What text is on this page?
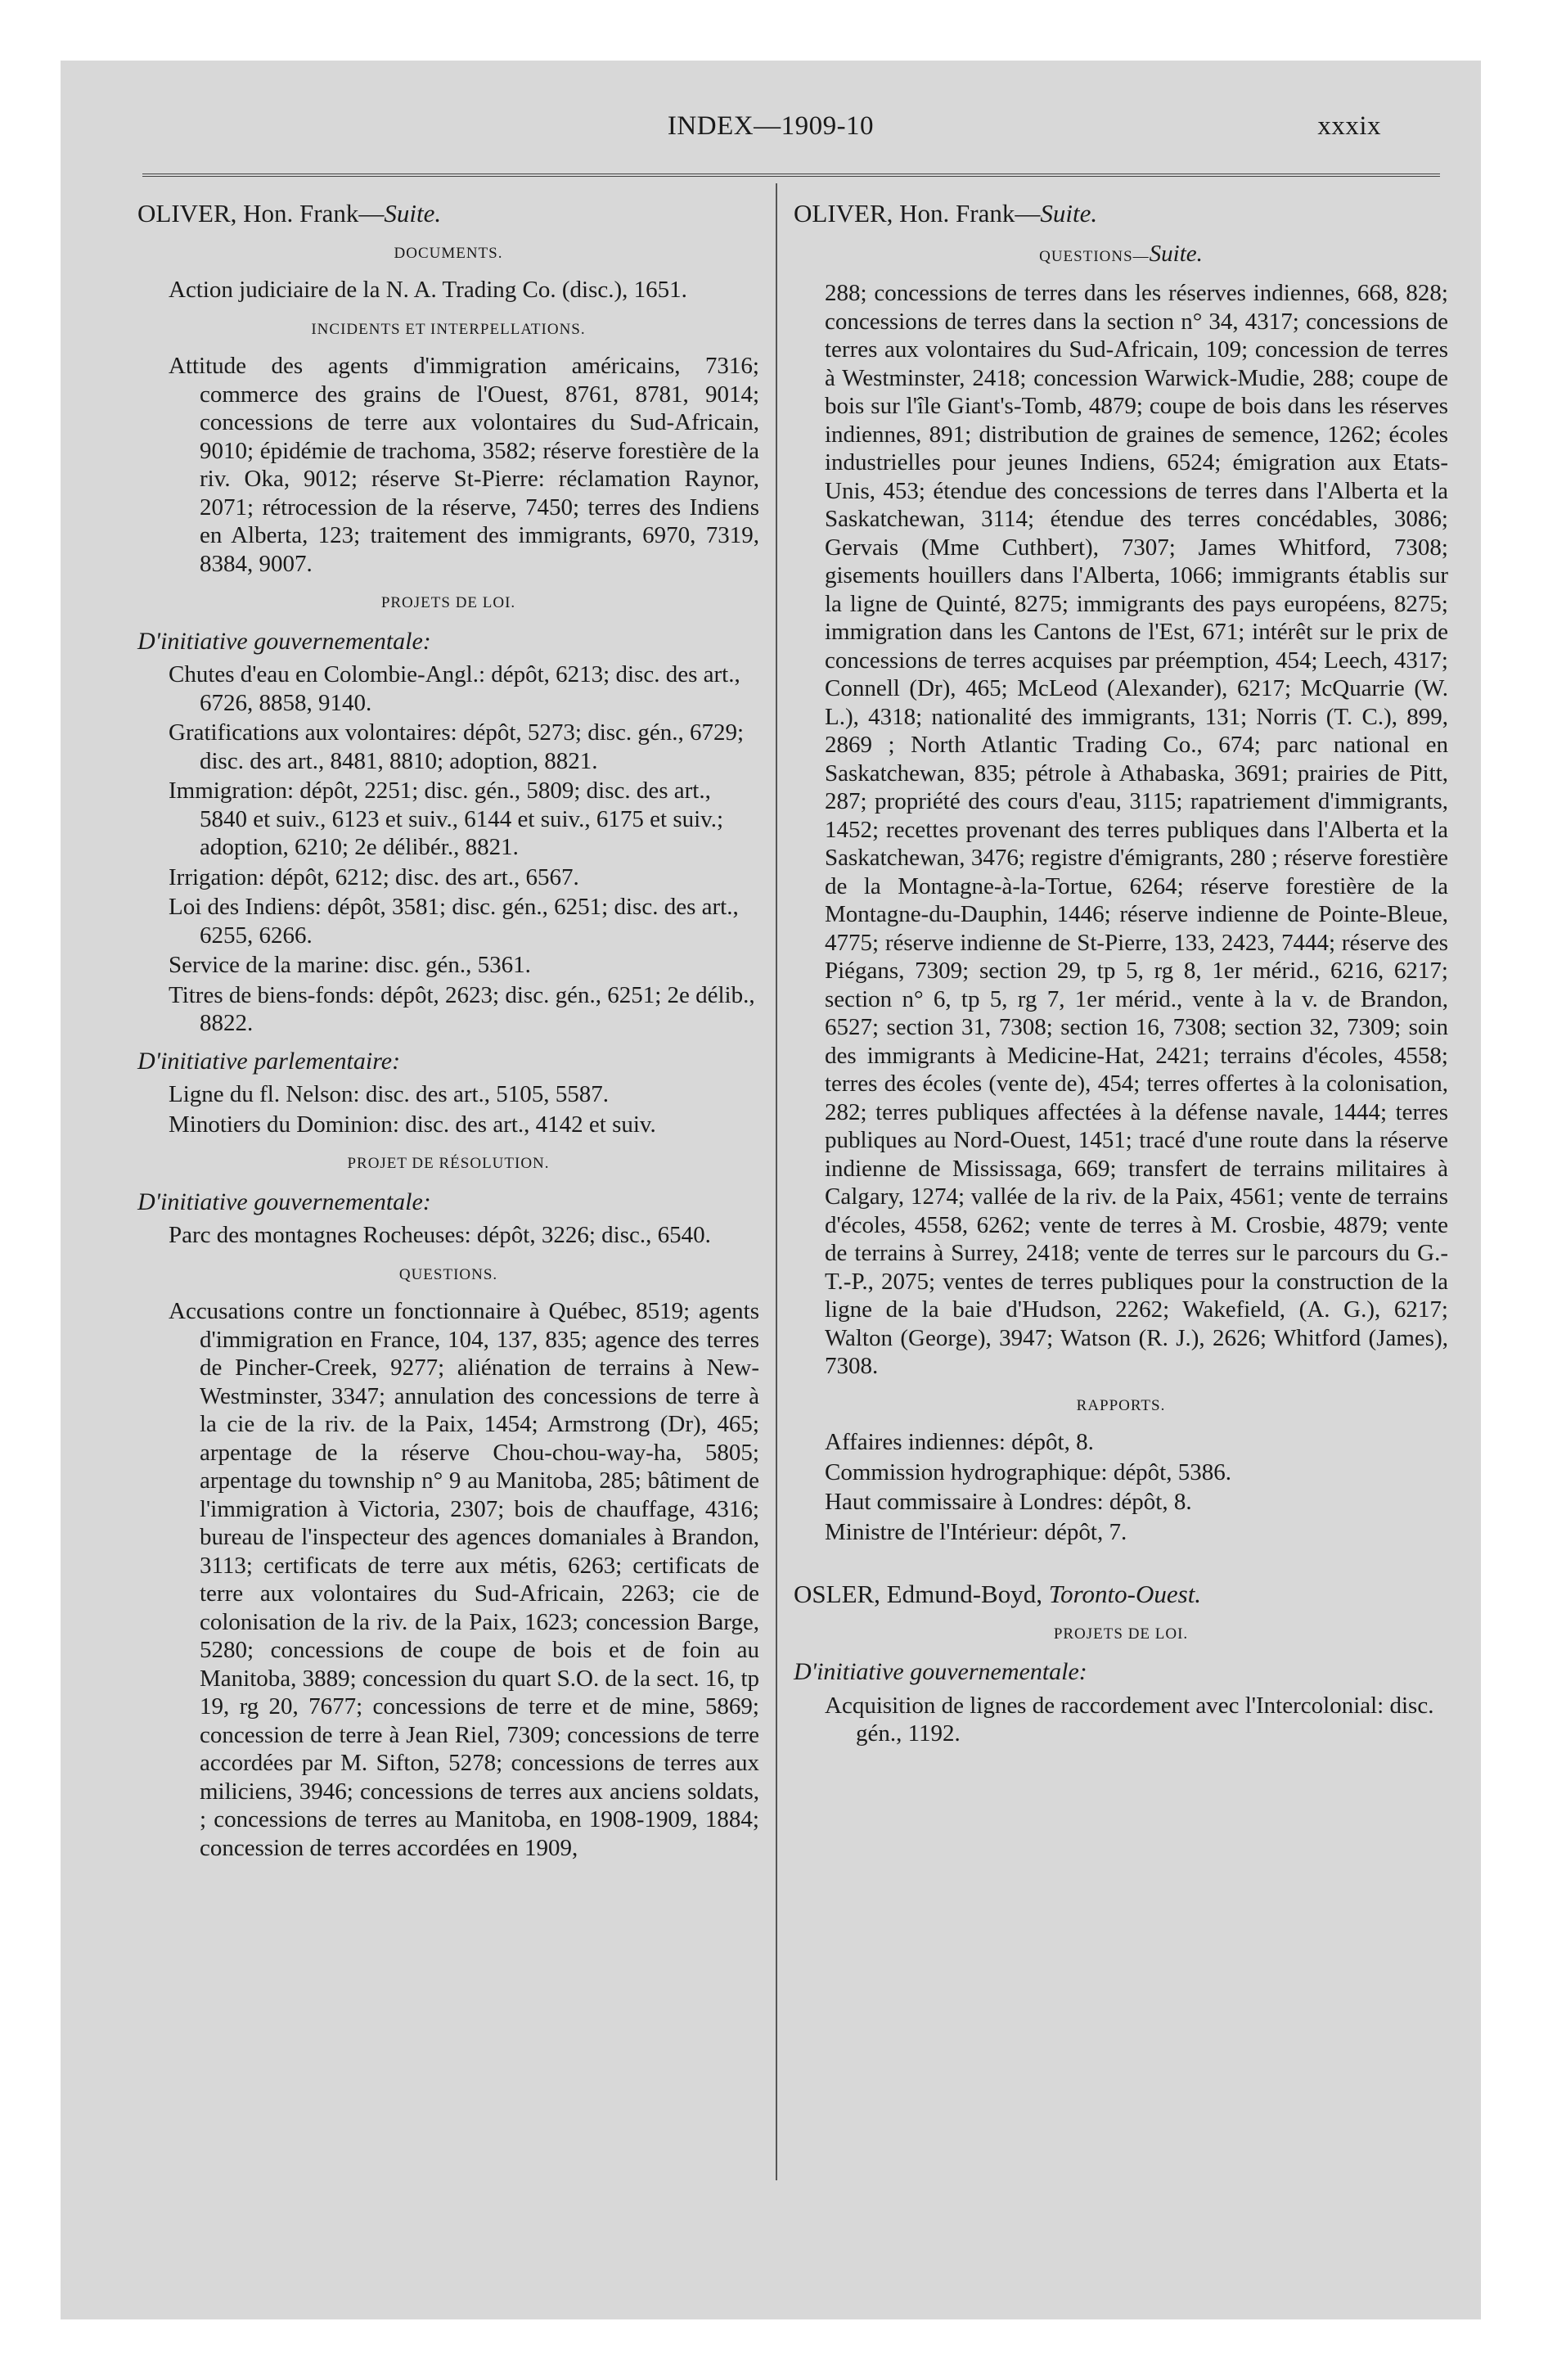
INDEX—1909-10	xxxix
OLIVER, Hon. Frank—Suite.
DOCUMENTS.
Action judiciaire de la N. A. Trading Co. (disc.), 1651.
INCIDENTS ET INTERPELLATIONS.
Attitude des agents d'immigration américains, 7316; commerce des grains de l'Ouest, 8761, 8781, 9014; concessions de terre aux volontaires du Sud-Africain, 9010; épidémie de trachoma, 3582; réserve forestière de la riv. Oka, 9012; réserve St-Pierre: réclamation Raynor, 2071; rétrocession de la réserve, 7450; terres des Indiens en Alberta, 123; traitement des immigrants, 6970, 7319, 8384, 9007.
PROJETS DE LOI.
D'initiative gouvernementale:
Chutes d'eau en Colombie-Angl.: dépôt, 6213; disc. des art., 6726, 8858, 9140.
Gratifications aux volontaires: dépôt, 5273; disc. gén., 6729; disc. des art., 8481, 8810; adoption, 8821.
Immigration: dépôt, 2251; disc. gén., 5809; disc. des art., 5840 et suiv., 6123 et suiv., 6144 et suiv., 6175 et suiv.; adoption, 6210; 2e délibér., 8821.
Irrigation: dépôt, 6212; disc. des art., 6567.
Loi des Indiens: dépôt, 3581; disc. gén., 6251; disc. des art., 6255, 6266.
Service de la marine: disc. gén., 5361.
Titres de biens-fonds: dépôt, 2623; disc. gén., 6251; 2e délib., 8822.
D'initiative parlementaire:
Ligne du fl. Nelson: disc. des art., 5105, 5587.
Minotiers du Dominion: disc. des art., 4142 et suiv.
PROJET DE RÉSOLUTION.
D'initiative gouvernementale:
Parc des montagnes Rocheuses: dépôt, 3226; disc., 6540.
QUESTIONS.
Accusations contre un fonctionnaire à Québec, 8519; agents d'immigration en France, 104, 137, 835; agence des terres de Pincher-Creek, 9277; aliénation de terrains à New-Westminster, 3347; annulation des concessions de terre à la cie de la riv. de la Paix, 1454; Armstrong (Dr), 465; arpentage de la réserve Chou-chou-way-ha, 5805; arpentage du township n° 9 au Manitoba, 285; bâtiment de l'immigration à Victoria, 2307; bois de chauffage, 4316; bureau de l'inspecteur des agences domaniales à Brandon, 3113; certificats de terre aux métis, 6263; certificats de terre aux volontaires du Sud-Africain, 2263; cie de colonisation de la riv. de la Paix, 1623; concession Barge, 5280; concessions de coupe de bois et de foin au Manitoba, 3889; concession du quart S.O. de la sect. 16, tp 19, rg 20, 7677; concessions de terre et de mine, 5869; concession de terre à Jean Riel, 7309; concessions de terre accordées par M. Sifton, 5278; concessions de terres aux miliciens, 3946; concessions de terres aux anciens soldats, ; concessions de terres au Manitoba, en 1908-1909, 1884; concession de terres accordées en 1909,
OLIVER, Hon. Frank—Suite.
QUESTIONS—Suite.
288; concessions de terres dans les réserves indiennes, 668, 828; concessions de terres dans la section n° 34, 4317; concessions de terres aux volontaires du Sud-Africain, 109; concession de terres à Westminster, 2418; concession Warwick-Mudie, 288; coupe de bois sur l'île Giant's-Tomb, 4879; coupe de bois dans les réserves indiennes, 891; distribution de graines de semence, 1262; écoles industrielles pour jeunes Indiens, 6524; émigration aux Etats-Unis, 453; étendue des concessions de terres dans l'Alberta et la Saskatchewan, 3114; étendue des terres concédables, 3086; Gervais (Mme Cuthbert), 7307; James Whitford, 7308; gisements houillers dans l'Alberta, 1066; immigrants établis sur la ligne de Quinté, 8275; immigrants des pays européens, 8275; immigration dans les Cantons de l'Est, 671; intérêt sur le prix de concessions de terres acquises par préemption, 454; Leech, 4317; Connell (Dr), 465; McLeod (Alexander), 6217; McQuarrie (W. L.), 4318; nationalité des immigrants, 131; Norris (T. C.), 899, 2869 ; North Atlantic Trading Co., 674; parc national en Saskatchewan, 835; pétrole à Athabaska, 3691; prairies de Pitt, 287; propriété des cours d'eau, 3115; rapatriement d'immigrants, 1452; recettes provenant des terres publiques dans l'Alberta et la Saskatchewan, 3476; registre d'émigrants, 280 ; réserve forestière de la Montagne-à-la-Tortue, 6264; réserve forestière de la Montagne-du-Dauphin, 1446; réserve indienne de Pointe-Bleue, 4775; réserve indienne de St-Pierre, 133, 2423, 7444; réserve des Piégans, 7309; section 29, tp 5, rg 8, 1er mérid., 6216, 6217; section n° 6, tp 5, rg 7, 1er mérid., vente à la v. de Brandon, 6527; section 31, 7308; section 16, 7308; section 32, 7309; soin des immigrants à Medicine-Hat, 2421; terrains d'écoles, 4558; terres des écoles (vente de), 454; terres offertes à la colonisation, 282; terres publiques affectées à la défense navale, 1444; terres publiques au Nord-Ouest, 1451; tracé d'une route dans la réserve indienne de Mississaga, 669; transfert de terrains militaires à Calgary, 1274; vallée de la riv. de la Paix, 4561; vente de terrains d'écoles, 4558, 6262; vente de terres à M. Crosbie, 4879; vente de terrains à Surrey, 2418; vente de terres sur le parcours du G.-T.-P., 2075; ventes de terres publiques pour la construction de la ligne de la baie d'Hudson, 2262; Wakefield, (A. G.), 6217; Walton (George), 3947; Watson (R. J.), 2626; Whitford (James), 7308.
RAPPORTS.
Affaires indiennes: dépôt, 8.
Commission hydrographique: dépôt, 5386.
Haut commissaire à Londres: dépôt, 8.
Ministre de l'Intérieur: dépôt, 7.
OSLER, Edmund-Boyd, Toronto-Ouest.
PROJETS DE LOI.
D'initiative gouvernementale:
Acquisition de lignes de raccordement avec l'Intercolonial: disc. gén., 1192.
